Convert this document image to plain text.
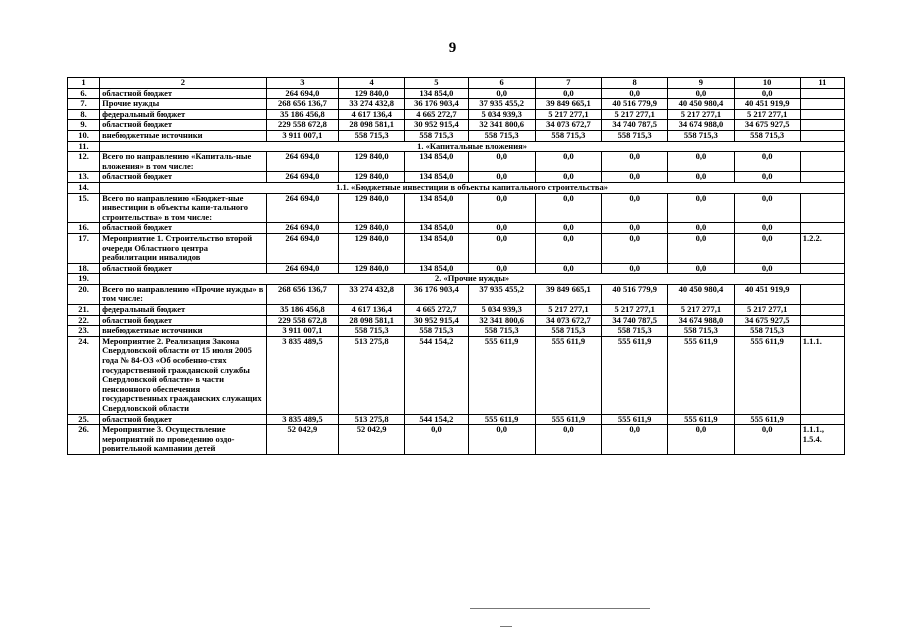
9
1	2	3	4	5	6	7	8	9	10	11
6.	областной бюджет	264 694,0	129 840,0	134 854,0	0,0	0,0	0,0	0,0	0,0	
7.	Прочие нужды	268 656 136,7	33 274 432,8	36 176 903,4	37 935 455,2	39 849 665,1	40 516 779,9	40 450 980,4	40 451 919,9	
8.	федеральный бюджет	35 186 456,8	4 617 136,4	4 665 272,7	5 034 939,3	5 217 277,1	5 217 277,1	5 217 277,1	5 217 277,1	
9.	областной бюджет	229 558 672,8	28 098 581,1	30 952 915,4	32 341 800,6	34 073 672,7	34 740 787,5	34 674 988,0	34 675 927,5	
10.	внебюджетные источники	3 911 007,1	558 715,3	558 715,3	558 715,3	558 715,3	558 715,3	558 715,3	558 715,3	
11.	1. «Капитальные вложения»									
12.	Всего по направлению «Капиталь-ные вложения» в том числе:	264 694,0	129 840,0	134 854,0	0,0	0,0	0,0	0,0	0,0	
13.	областной бюджет	264 694,0	129 840,0	134 854,0	0,0	0,0	0,0	0,0	0,0	
14.	1.1. «Бюджетные инвестиции в объекты капитального строительства»									
15.	Всего по направлению «Бюджет-ные инвестиции в объекты капи-тального строительства» в том числе:	264 694,0	129 840,0	134 854,0	0,0	0,0	0,0	0,0	0,0	
16.	областной бюджет	264 694,0	129 840,0	134 854,0	0,0	0,0	0,0	0,0	0,0	
17.	Мероприятие 1. Строительство второй очереди Областного центра реабилитации инвалидов	264 694,0	129 840,0	134 854,0	0,0	0,0	0,0	0,0	0,0	1.2.2.
18.	областной бюджет	264 694,0	129 840,0	134 854,0	0,0	0,0	0,0	0,0	0,0	
19.	2. «Прочие нужды»									
20.	Всего по направлению «Прочие нужды» в том числе:	268 656 136,7	33 274 432,8	36 176 903,4	37 935 455,2	39 849 665,1	40 516 779,9	40 450 980,4	40 451 919,9	
21.	федеральный бюджет	35 186 456,8	4 617 136,4	4 665 272,7	5 034 939,3	5 217 277,1	5 217 277,1	5 217 277,1	5 217 277,1	
22.	областной бюджет	229 558 672,8	28 098 581,1	30 952 915,4	32 341 800,6	34 073 672,7	34 740 787,5	34 674 988,0	34 675 927,5	
23.	внебюджетные источники	3 911 007,1	558 715,3	558 715,3	558 715,3	558 715,3	558 715,3	558 715,3	558 715,3	
24.	Мероприятие 2. Реализация Закона Свердловской области от 15 июля 2005 года № 84-ОЗ «Об особенно-стях государственной гражданской службы Свердловской области» в части пенсионного обеспечения государственных гражданских служащих Свердловской области	3 835 489,5	513 275,8	544 154,2	555 611,9	555 611,9	555 611,9	555 611,9	555 611,9	1.1.1.
25.	областной бюджет	3 835 489,5	513 275,8	544 154,2	555 611,9	555 611,9	555 611,9	555 611,9	555 611,9	
26.	Мероприятие 3. Осуществление мероприятий по проведению оздо-ровительной кампании детей	52 042,9	52 042,9	0,0	0,0	0,0	0,0	0,0	0,0	1.1.1., 1.5.4.
